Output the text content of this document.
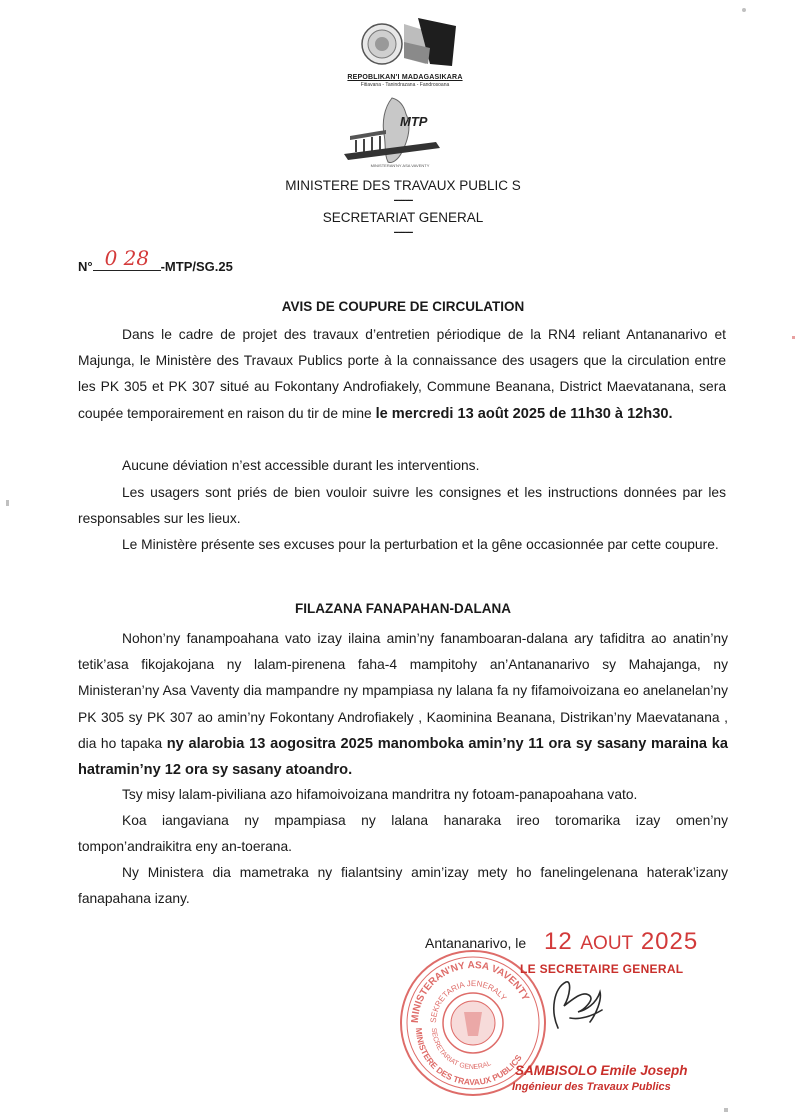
REPOBLIKAN'I MADAGASIKARA
Fitiavana - Tanindrazana - Fandrosoana
MTP
MINISTERAN'NY ASA VAVENTY
MINISTERE DES TRAVAUX PUBLIC S
--------
SECRETARIAT GENERAL
--------
N° 0 28 -MTP/SG.25
AVIS DE COUPURE DE CIRCULATION

Dans le cadre de projet des travaux d’entretien périodique de la RN4 reliant Antananarivo et Majunga, le Ministère des Travaux Publics porte à la connaissance des usagers que la circulation entre les PK 305 et PK 307 situé au Fokontany Androfiakely, Commune Beanana, District Maevatanana, sera coupée temporairement en raison du tir de mine le mercredi 13 août 2025 de 11h30 à 12h30.

Aucune déviation n’est accessible durant les interventions.

Les usagers sont priés de bien vouloir suivre les consignes et les instructions données par les responsables sur les lieux.

Le Ministère présente ses excuses pour la perturbation et la gêne occasionnée par cette coupure.

FILAZANA FANAPAHAN-DALANA

Nohon’ny fanampoahana vato izay ilaina amin’ny fanamboaran-dalana ary tafiditra ao anatin’ny tetik’asa fikojakojana ny lalam-pirenena faha-4 mampitohy an’Antananarivo sy Mahajanga, ny Ministeran’ny Asa Vaventy dia mampandre ny mpampiasa ny lalana fa ny fifamoivoizana eo anelanelan’ny PK 305 sy PK 307 ao amin’ny Fokontany Androfiakely , Kaominina Beanana, Distrikan’ny Maevatanana , dia ho tapaka ny alarobia 13 aogositra 2025 manomboka amin’ny 11 ora sy sasany maraina ka hatramin’ny 12 ora sy sasany atoandro.

Tsy misy lalam-piviliana azo hifamoivoizana mandritra ny fotoam-panapoahana vato.

Koa iangaviana ny mpampiasa ny lalana hanaraka ireo toromarika izay omen’ny tompon’andraikitra eny an-toerana.

Ny Ministera dia mametraka ny fialantsiny amin’izay mety ho fanelingelenana haterak’izany fanapahana izany.

MINISTERAN'NY ASA VAVENTY
SEKRETARIA JENERALY
MINISTERE DES TRAVAUX PUBLICS
SECRETARIAT GENERAL
Antananarivo, le 12 AOUT 2025
LE SECRETAIRE GENERAL
SAMBISOLO Emile Joseph
Ingénieur des Travaux Publics
